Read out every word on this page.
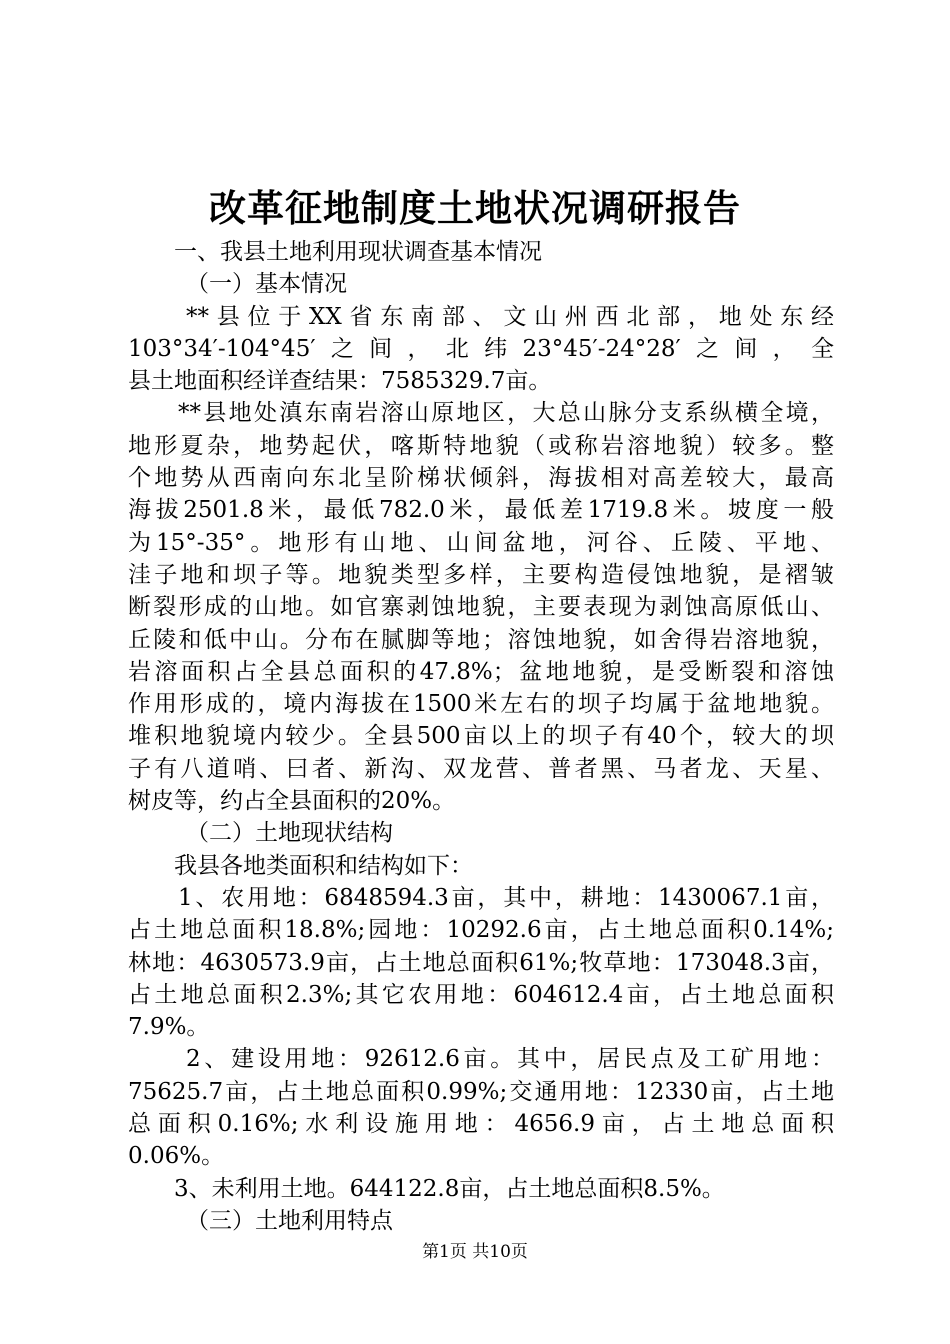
改革征地制度土地状况调研报告
一、我县土地利用现状调查基本情况
（一）基本情况
**县位于XX省东南部、文山州西北部，地处东经
103°34′-104°45′之间，北纬23°45′-24°28′之间，全
县土地面积经详查结果：7585329.7亩。
**县地处滇东南岩溶山原地区，大总山脉分支系纵横全境，
地形夏杂，地势起伏，喀斯特地貌（或称岩溶地貌）较多。整
个地势从西南向东北呈阶梯状倾斜，海拔相对高差较大，最高
海拔2501.8米，最低782.0米，最低差1719.8米。坡度一般
为15°-35°。地形有山地、山间盆地，河谷、丘陵、平地、
洼子地和坝子等。地貌类型多样，主要构造侵蚀地貌，是褶皱
断裂形成的山地。如官寨剥蚀地貌，主要表现为剥蚀高原低山、
丘陵和低中山。分布在腻脚等地；溶蚀地貌，如舍得岩溶地貌，
岩溶面积占全县总面积的47.8%；盆地地貌，是受断裂和溶蚀
作用形成的，境内海拔在1500米左右的坝子均属于盆地地貌。
堆积地貌境内较少。全县500亩以上的坝子有40个，较大的坝
子有八道哨、曰者、新沟、双龙营、普者黑、马者龙、天星、
树皮等，约占全县面积的20%。
（二）土地现状结构
我县各地类面积和结构如下：
1、农用地：6848594.3亩，其中，耕地：1430067.1亩，
占土地总面积18.8%;园地：10292.6亩，占土地总面积0.14%;
林地：4630573.9亩，占土地总面积61%;牧草地：173048.3亩，
占土地总面积2.3%;其它农用地：604612.4亩，占土地总面积
7.9%。
2、建设用地：92612.6亩。其中，居民点及工矿用地：
75625.7亩，占土地总面积0.99%;交通用地：12330亩，占土地
总面积0.16%;水利设施用地：4656.9亩，占土地总面积
0.06%。
3、未利用土地。644122.8亩，占土地总面积8.5%。
（三）土地利用特点
第1页 共10页
